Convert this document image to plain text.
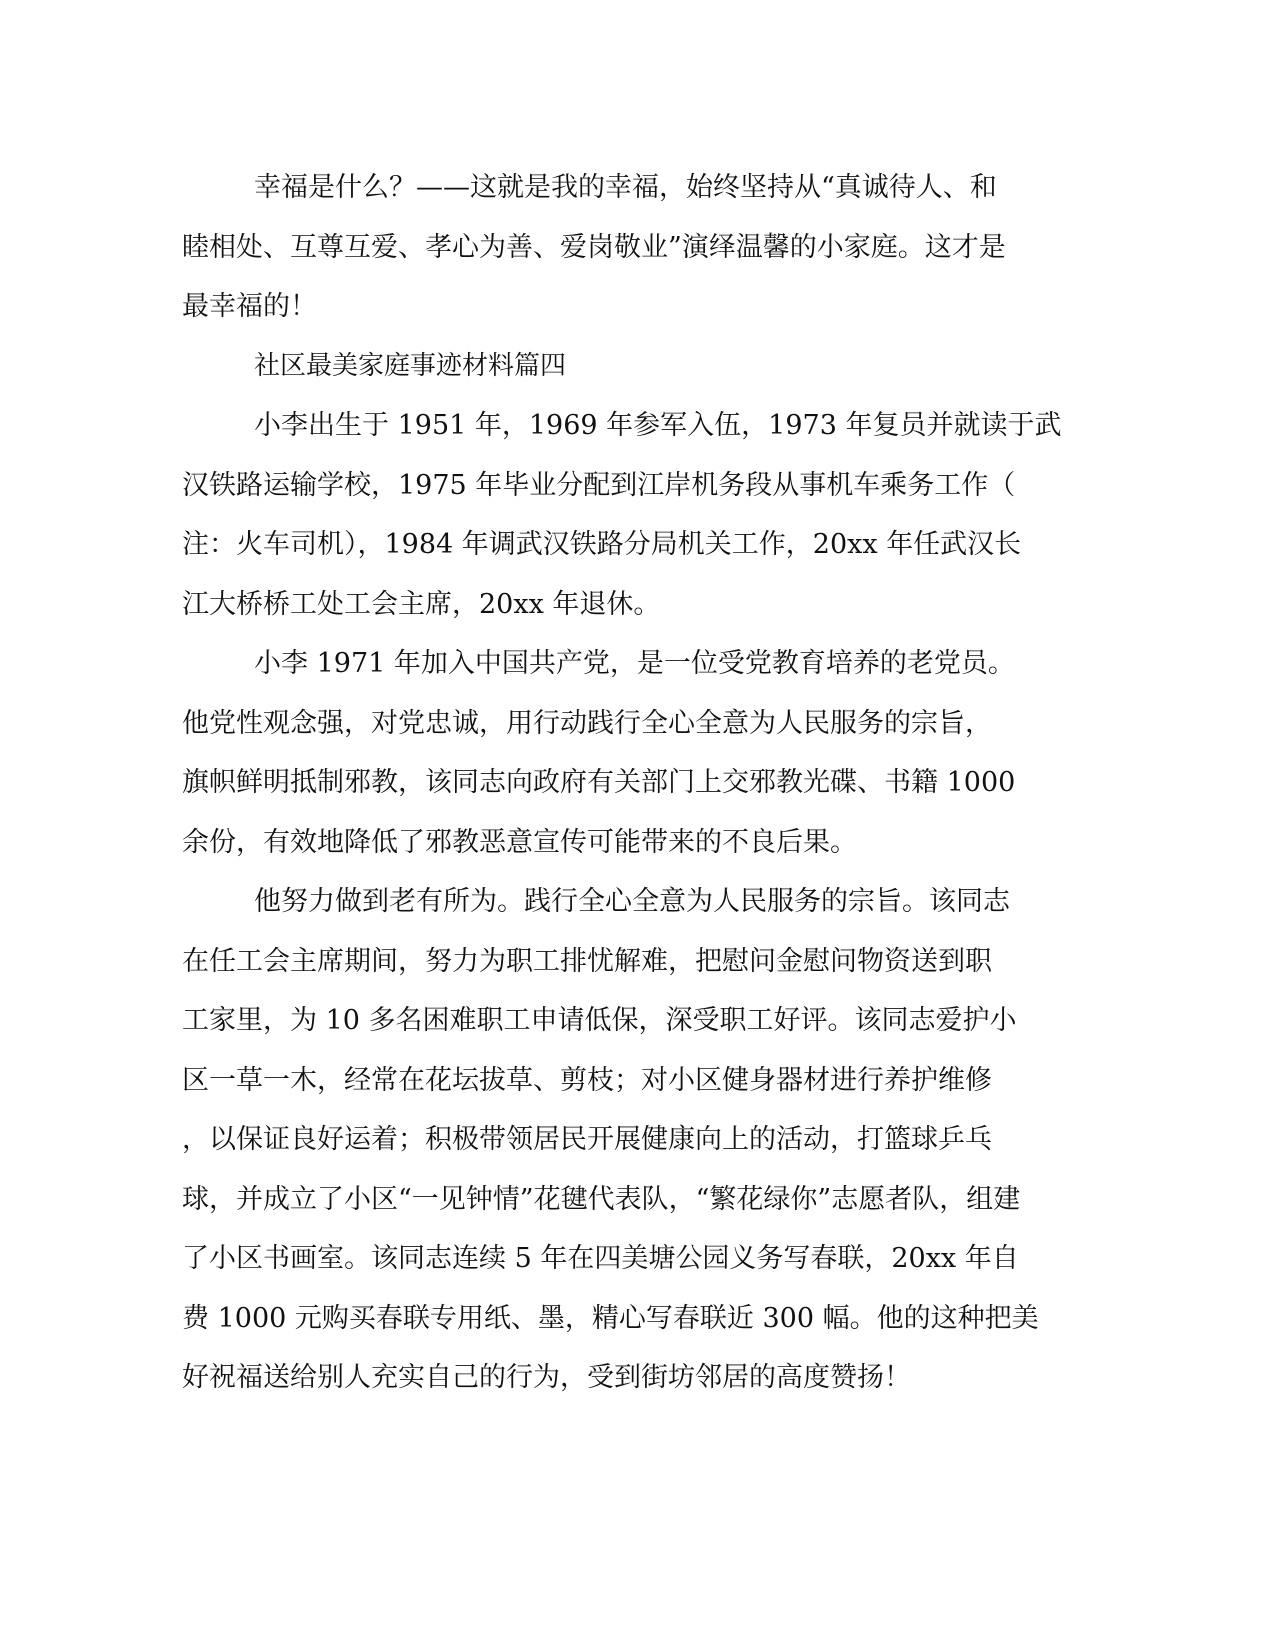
幸福是什么？——这就是我的幸福，始终坚持从“真诚待人、和
睦相处、互尊互爱、孝心为善、爱岗敬业”演绎温馨的小家庭。这才是
最幸福的！
社区最美家庭事迹材料篇四
小李出生于 1951 年，1969 年参军入伍，1973 年复员并就读于武
汉铁路运输学校，1975 年毕业分配到江岸机务段从事机车乘务工作（
注：火车司机），1984 年调武汉铁路分局机关工作，20xx 年任武汉长
江大桥桥工处工会主席，20xx 年退休。
小李 1971 年加入中国共产党，是一位受党教育培养的老党员。
他党性观念强，对党忠诚，用行动践行全心全意为人民服务的宗旨，
旗帜鲜明抵制邪教，该同志向政府有关部门上交邪教光碟、书籍 1000
余份，有效地降低了邪教恶意宣传可能带来的不良后果。
他努力做到老有所为。践行全心全意为人民服务的宗旨。该同志
在任工会主席期间，努力为职工排忧解难，把慰问金慰问物资送到职
工家里，为 10 多名困难职工申请低保，深受职工好评。该同志爱护小
区一草一木，经常在花坛拔草、剪枝；对小区健身器材进行养护维修
，以保证良好运着；积极带领居民开展健康向上的活动，打篮球乒乓
球，并成立了小区“一见钟情”花毽代表队，“繁花绿你”志愿者队，组建
了小区书画室。该同志连续 5 年在四美塘公园义务写春联，20xx 年自
费 1000 元购买春联专用纸、墨，精心写春联近 300 幅。他的这种把美
好祝福送给别人充实自己的行为，受到街坊邻居的高度赞扬！
